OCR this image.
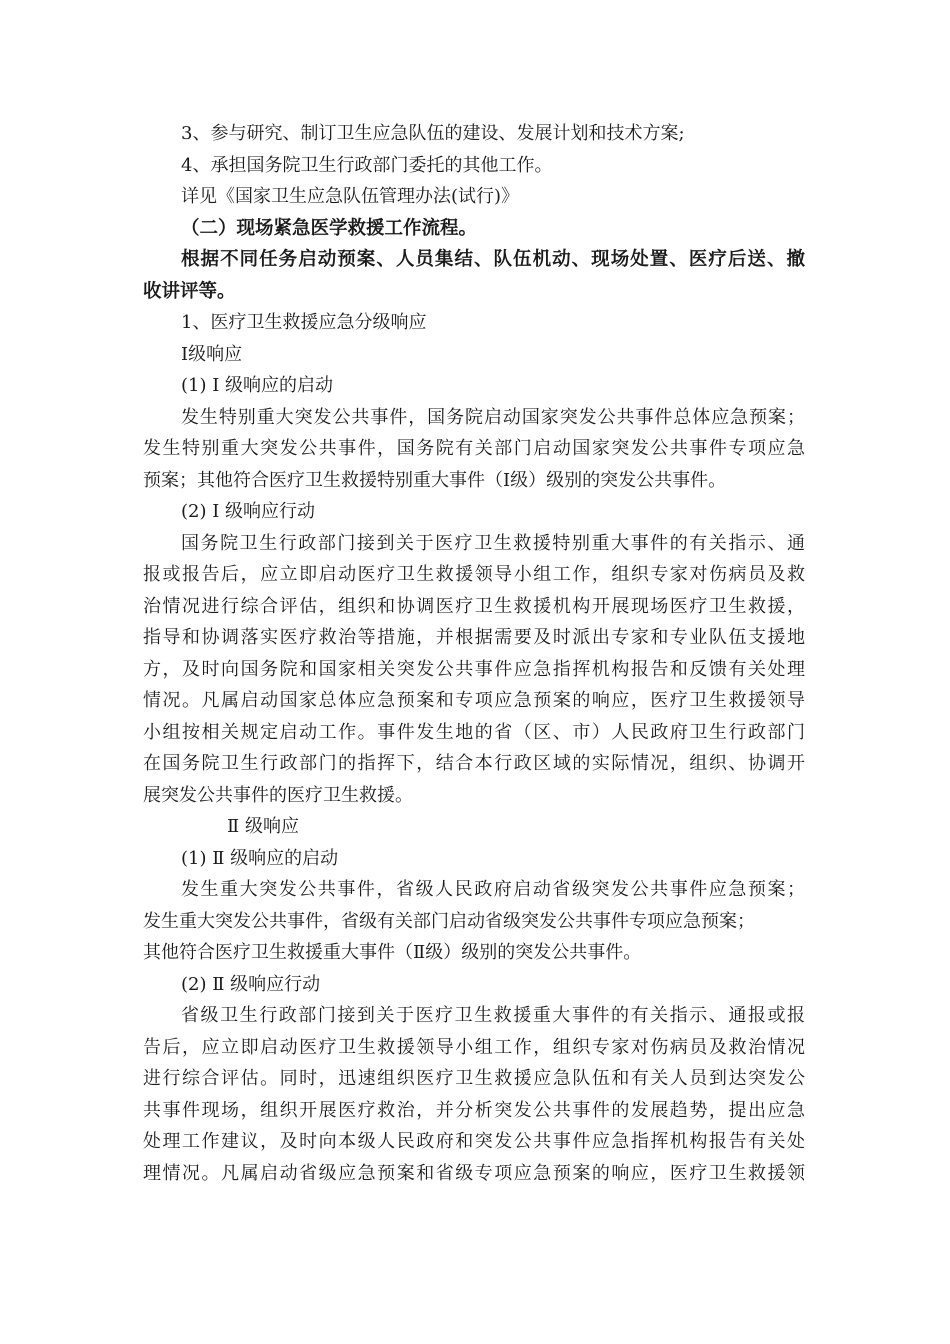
3、参与研究、制订卫生应急队伍的建设、发展计划和技术方案;
4、承担国务院卫生行政部门委托的其他工作。
详见《国家卫生应急队伍管理办法(试行)》
（二）现场紧急医学救援工作流程。
根据不同任务启动预案、人员集结、队伍机动、现场处置、医疗后送、撤
收讲评等。
1、医疗卫生救援应急分级响应
Ⅰ级响应
(1) Ⅰ 级响应的启动
发生特别重大突发公共事件，国务院启动国家突发公共事件总体应急预案；
发生特别重大突发公共事件，国务院有关部门启动国家突发公共事件专项应急
预案；其他符合医疗卫生救援特别重大事件（Ⅰ级）级别的突发公共事件。
(2) Ⅰ 级响应行动
国务院卫生行政部门接到关于医疗卫生救援特别重大事件的有关指示、通
报或报告后，应立即启动医疗卫生救援领导小组工作，组织专家对伤病员及救
治情况进行综合评估，组织和协调医疗卫生救援机构开展现场医疗卫生救援，
指导和协调落实医疗救治等措施，并根据需要及时派出专家和专业队伍支援地
方，及时向国务院和国家相关突发公共事件应急指挥机构报告和反馈有关处理
情况。凡属启动国家总体应急预案和专项应急预案的响应，医疗卫生救援领导
小组按相关规定启动工作。事件发生地的省（区、市）人民政府卫生行政部门
在国务院卫生行政部门的指挥下，结合本行政区域的实际情况，组织、协调开
展突发公共事件的医疗卫生救援。
Ⅱ 级响应
(1) Ⅱ 级响应的启动
发生重大突发公共事件，省级人民政府启动省级突发公共事件应急预案；
发生重大突发公共事件，省级有关部门启动省级突发公共事件专项应急预案；
其他符合医疗卫生救援重大事件（Ⅱ级）级别的突发公共事件。
(2) Ⅱ 级响应行动
省级卫生行政部门接到关于医疗卫生救援重大事件的有关指示、通报或报
告后，应立即启动医疗卫生救援领导小组工作，组织专家对伤病员及救治情况
进行综合评估。同时，迅速组织医疗卫生救援应急队伍和有关人员到达突发公
共事件现场，组织开展医疗救治，并分析突发公共事件的发展趋势，提出应急
处理工作建议，及时向本级人民政府和突发公共事件应急指挥机构报告有关处
理情况。凡属启动省级应急预案和省级专项应急预案的响应，医疗卫生救援领
